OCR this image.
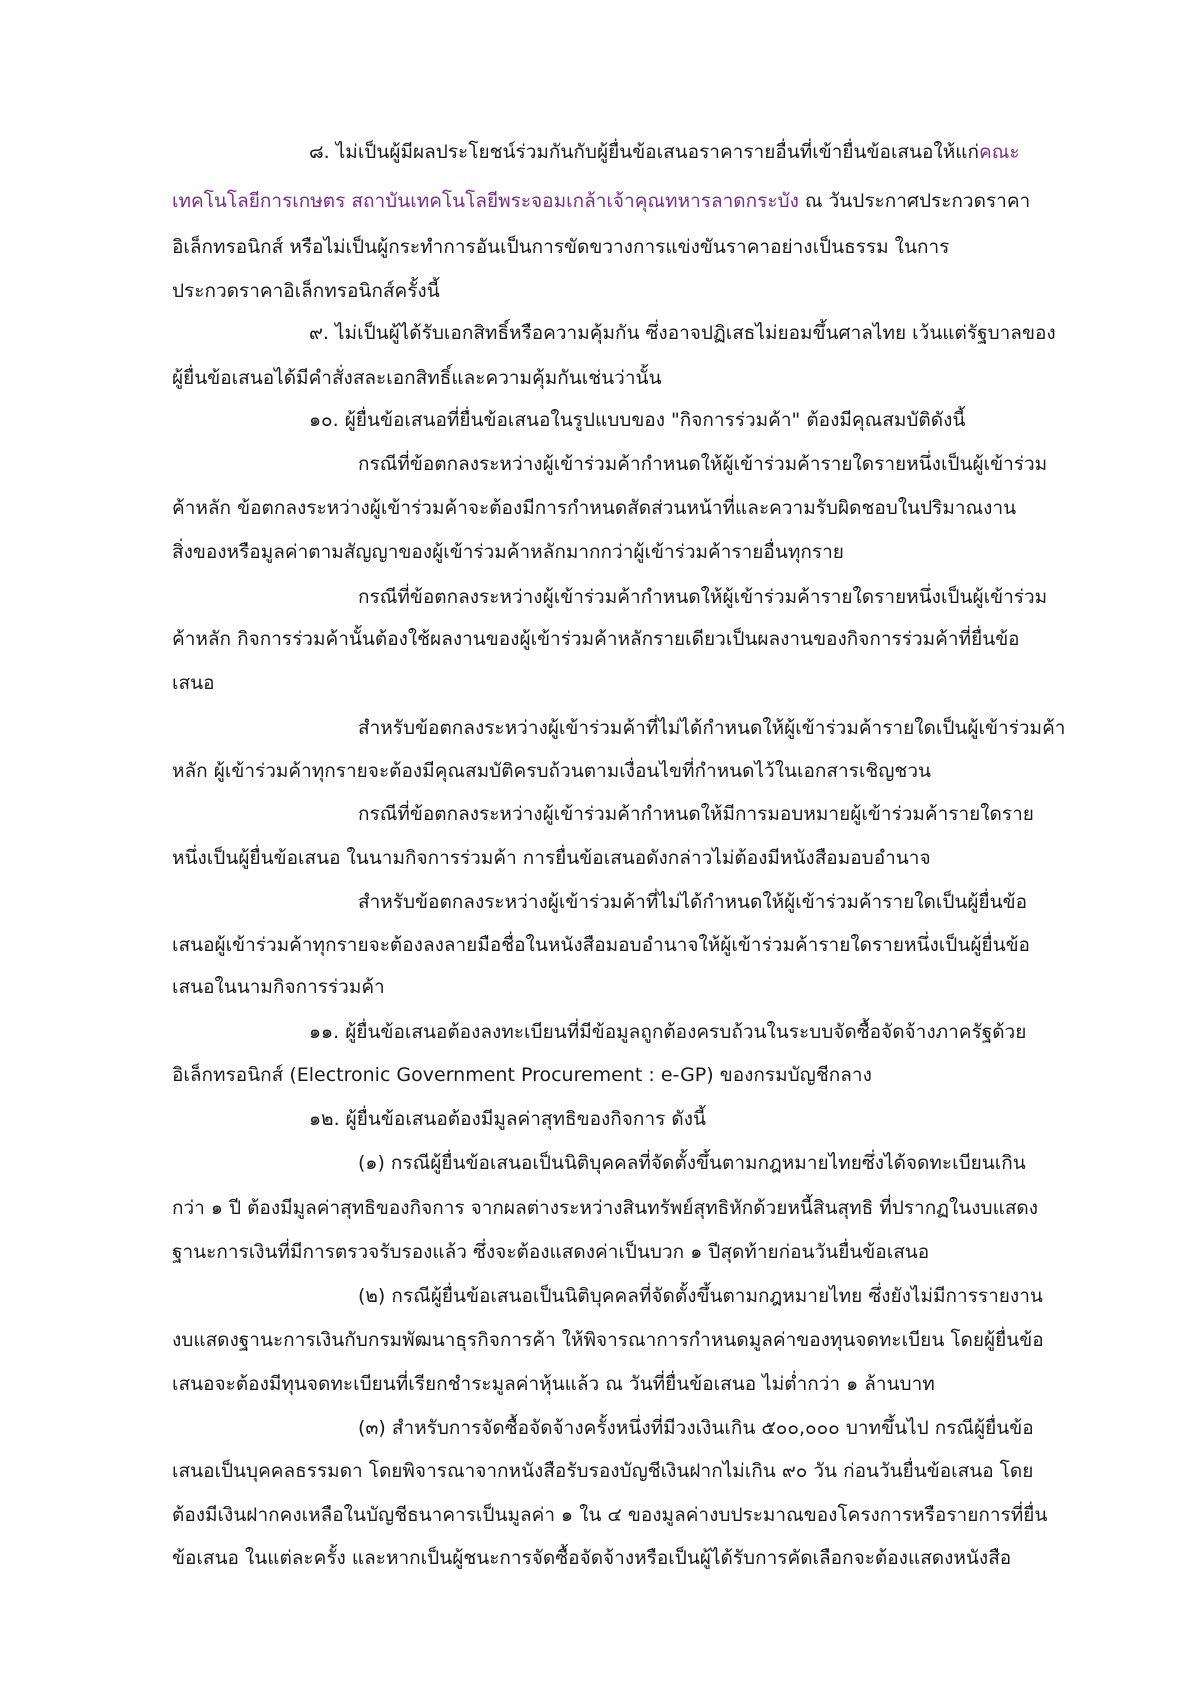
๘. ไม่เป็นผู้มีผลประโยชน์ร่วมกันกับผู้ยื่นข้อเสนอราคารายอื่นที่เข้ายื่นข้อเสนอให้แก่คณะ

เทคโนโลยีการเกษตร สถาบันเทคโนโลยีพระจอมเกล้าเจ้าคุณทหารลาดกระบัง ณ วันประกาศประกวดราคา

อิเล็กทรอนิกส์ หรือไม่เป็นผู้กระทำการอันเป็นการขัดขวางการแข่งขันราคาอย่างเป็นธรรม ในการ

ประกวดราคาอิเล็กทรอนิกส์ครั้งนี้

๙. ไม่เป็นผู้ได้รับเอกสิทธิ์หรือความคุ้มกัน ซึ่งอาจปฏิเสธไม่ยอมขึ้นศาลไทย เว้นแต่รัฐบาลของ

ผู้ยื่นข้อเสนอได้มีคำสั่งสละเอกสิทธิ์และความคุ้มกันเช่นว่านั้น

๑๐. ผู้ยื่นข้อเสนอที่ยื่นข้อเสนอในรูปแบบของ "กิจการร่วมค้า" ต้องมีคุณสมบัติดังนี้

กรณีที่ข้อตกลงระหว่างผู้เข้าร่วมค้ากำหนดให้ผู้เข้าร่วมค้ารายใดรายหนึ่งเป็นผู้เข้าร่วม

ค้าหลัก ข้อตกลงระหว่างผู้เข้าร่วมค้าจะต้องมีการกำหนดสัดส่วนหน้าที่และความรับผิดชอบในปริมาณงาน

สิ่งของหรือมูลค่าตามสัญญาของผู้เข้าร่วมค้าหลักมากกว่าผู้เข้าร่วมค้ารายอื่นทุกราย

กรณีที่ข้อตกลงระหว่างผู้เข้าร่วมค้ากำหนดให้ผู้เข้าร่วมค้ารายใดรายหนึ่งเป็นผู้เข้าร่วม

ค้าหลัก กิจการร่วมค้านั้นต้องใช้ผลงานของผู้เข้าร่วมค้าหลักรายเดียวเป็นผลงานของกิจการร่วมค้าที่ยื่นข้อ

เสนอ

สำหรับข้อตกลงระหว่างผู้เข้าร่วมค้าที่ไม่ได้กำหนดให้ผู้เข้าร่วมค้ารายใดเป็นผู้เข้าร่วมค้า

หลัก ผู้เข้าร่วมค้าทุกรายจะต้องมีคุณสมบัติครบถ้วนตามเงื่อนไขที่กำหนดไว้ในเอกสารเชิญชวน

กรณีที่ข้อตกลงระหว่างผู้เข้าร่วมค้ากำหนดให้มีการมอบหมายผู้เข้าร่วมค้ารายใดราย

หนึ่งเป็นผู้ยื่นข้อเสนอ ในนามกิจการร่วมค้า การยื่นข้อเสนอดังกล่าวไม่ต้องมีหนังสือมอบอำนาจ

สำหรับข้อตกลงระหว่างผู้เข้าร่วมค้าที่ไม่ได้กำหนดให้ผู้เข้าร่วมค้ารายใดเป็นผู้ยื่นข้อ

เสนอผู้เข้าร่วมค้าทุกรายจะต้องลงลายมือชื่อในหนังสือมอบอำนาจให้ผู้เข้าร่วมค้ารายใดรายหนึ่งเป็นผู้ยื่นข้อ

เสนอในนามกิจการร่วมค้า

๑๑. ผู้ยื่นข้อเสนอต้องลงทะเบียนที่มีข้อมูลถูกต้องครบถ้วนในระบบจัดซื้อจัดจ้างภาครัฐด้วย

อิเล็กทรอนิกส์ (Electronic Government Procurement : e-GP) ของกรมบัญชีกลาง

๑๒. ผู้ยื่นข้อเสนอต้องมีมูลค่าสุทธิของกิจการ ดังนี้

(๑) กรณีผู้ยื่นข้อเสนอเป็นนิติบุคคลที่จัดตั้งขึ้นตามกฎหมายไทยซึ่งได้จดทะเบียนเกิน

กว่า ๑ ปี ต้องมีมูลค่าสุทธิของกิจการ จากผลต่างระหว่างสินทรัพย์สุทธิหักด้วยหนี้สินสุทธิ ที่ปรากฏในงบแสดง

ฐานะการเงินที่มีการตรวจรับรองแล้ว ซึ่งจะต้องแสดงค่าเป็นบวก ๑ ปีสุดท้ายก่อนวันยื่นข้อเสนอ

(๒) กรณีผู้ยื่นข้อเสนอเป็นนิติบุคคลที่จัดตั้งขึ้นตามกฎหมายไทย ซึ่งยังไม่มีการรายงาน

งบแสดงฐานะการเงินกับกรมพัฒนาธุรกิจการค้า ให้พิจารณาการกำหนดมูลค่าของทุนจดทะเบียน โดยผู้ยื่นข้อ

เสนอจะต้องมีทุนจดทะเบียนที่เรียกชำระมูลค่าหุ้นแล้ว ณ วันที่ยื่นข้อเสนอ ไม่ต่ำกว่า ๑ ล้านบาท

(๓) สำหรับการจัดซื้อจัดจ้างครั้งหนึ่งที่มีวงเงินเกิน ๕๐๐,๐๐๐ บาทขึ้นไป กรณีผู้ยื่นข้อ

เสนอเป็นบุคคลธรรมดา โดยพิจารณาจากหนังสือรับรองบัญชีเงินฝากไม่เกิน ๙๐ วัน ก่อนวันยื่นข้อเสนอ โดย

ต้องมีเงินฝากคงเหลือในบัญชีธนาคารเป็นมูลค่า ๑ ใน ๔ ของมูลค่างบประมาณของโครงการหรือรายการที่ยื่น

ข้อเสนอ ในแต่ละครั้ง และหากเป็นผู้ชนะการจัดซื้อจัดจ้างหรือเป็นผู้ได้รับการคัดเลือกจะต้องแสดงหนังสือ
